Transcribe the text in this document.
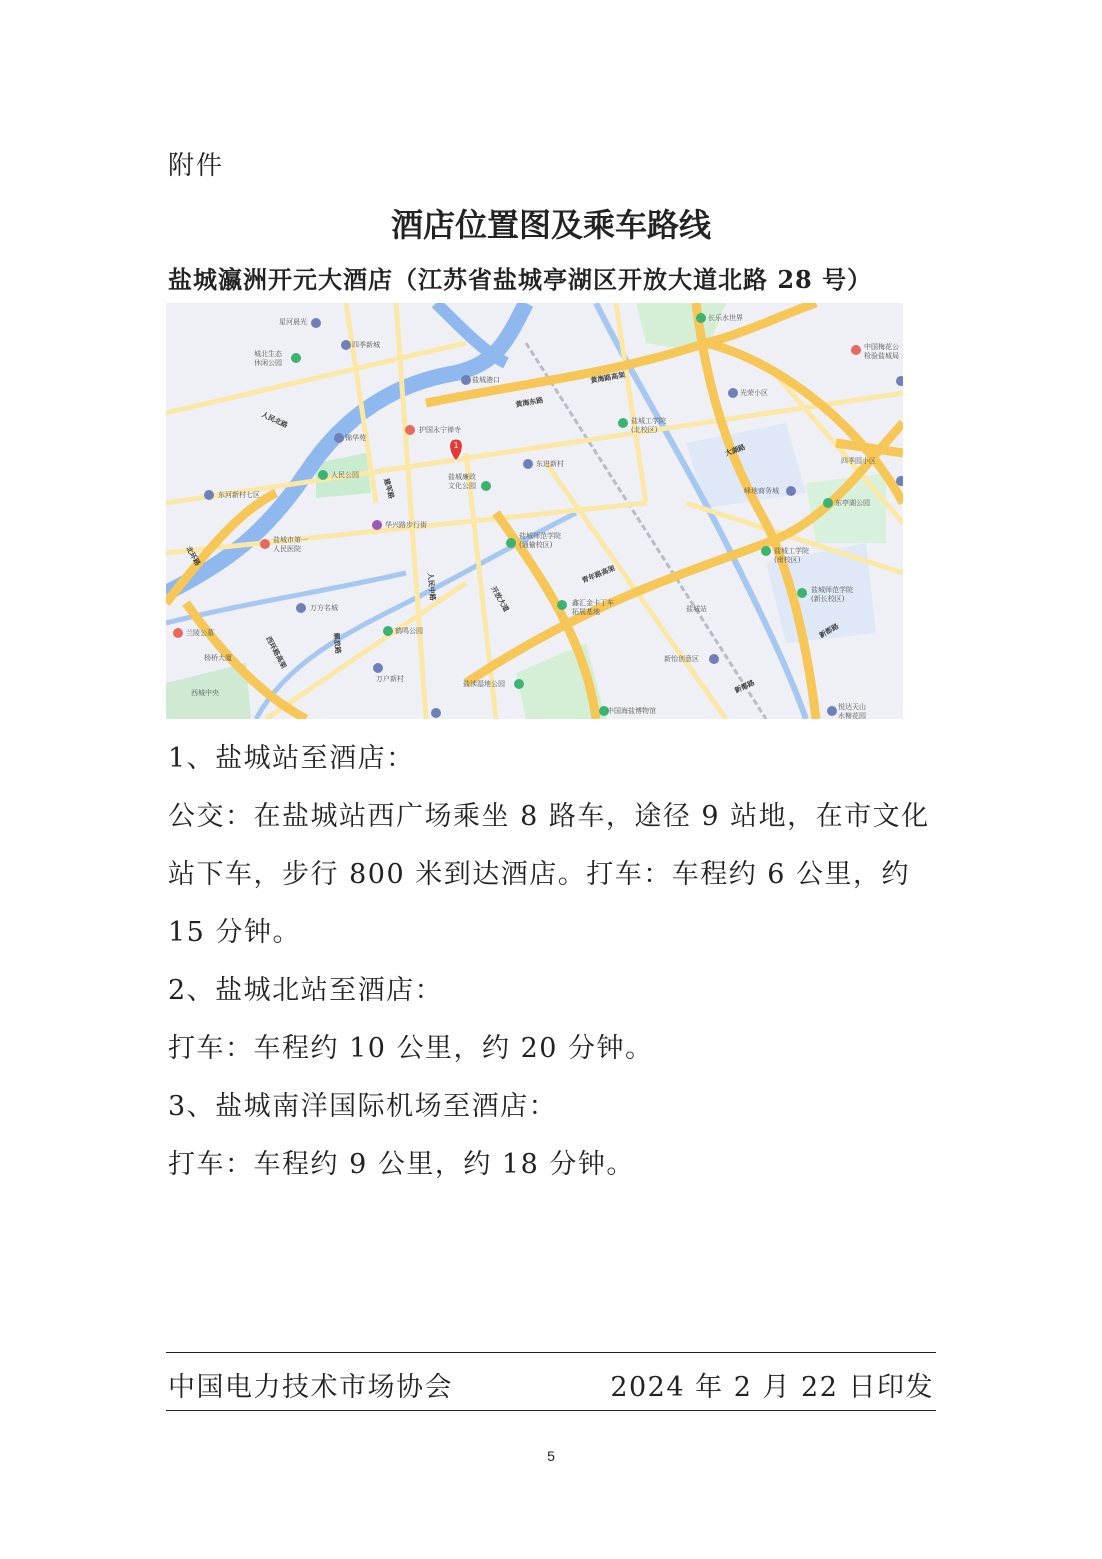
附件
酒店位置图及乘车路线
盐城瀛洲开元大酒店（江苏省盐城亭湖区开放大道北路 28 号）
1
星河晨光
四季新城
城北生态
休闲公园
盐城港口
护国永宁禅寺
锦华苑
人民公园
东河新村七区
华兴路步行街
盐城市第一
人民医院
万方名城
鹤鸣公园
兰陵公墓
杨桥大厦
西城中央
万户新村
盐城廉政
文化公园
东进新村
盐城师范学院
(通榆校区)
鑫汇金卡丁车
拓展基地
盐渎湿地公园
中国海盐博物馆
盐城站
新怡创意区
盐城工学院
(北校区)
光荣小区
长乐水世界
中国梅花公
检验盐城局
四季园小区
峰地商务城
东亭湖公园
盐城工学院
(南校区)
盐城师范学院
(新长校区)
悦达天山
水榭花园
黄海路高架
青年路高架
开放大道
西环路高架
北环路
人民北路
人民中路
建军路
黄海东路
大湖路
新都路
新都路
解放路
1、盐城站至酒店：
公交：在盐城站西广场乘坐 8 路车，途径 9 站地，在市文化站下车，步行 800 米到达酒店。打车：车程约 6 公里，约 15 分钟。
2、盐城北站至酒店：
打车：车程约 10 公里，约 20 分钟。
3、盐城南洋国际机场至酒店：
打车：车程约 9 公里，约 18 分钟。
中国电力技术市场协会	2024 年 2 月 22 日印发
5
